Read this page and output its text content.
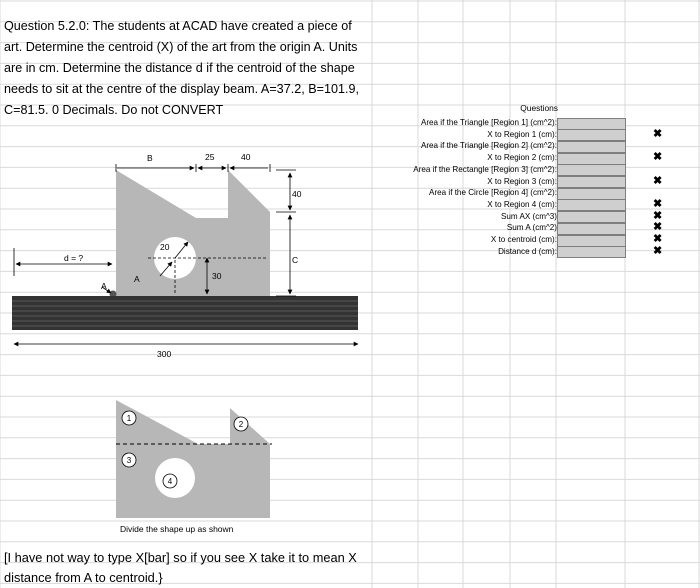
Question 5.2.0: The students at ACAD have created a piece of art. Determine the centroid (X) of the art from the origin A. Units are in cm. Determine the distance d if the centroid of the shape needs to sit at the centre of the display beam. A=37.2, B=101.9, C=81.5. 0 Decimals. Do not CONVERT
B	25	40
40
20
d = ?	C
A
A
30
300
1
2
3
4
Divide the shape up as shown
[I have not way to type X[bar] so if you see X take it to mean X distance from A to centroid.}
Questions
Area if the Triangle [Region 1] (cm^2):
X to Region 1 (cm):	✖
Area if the Triangle [Region 2] (cm^2):
X to Region 2 (cm):	✖
Area if the Rectangle [Region 3] (cm^2):
X to Region 3 (cm):	✖
Area if the Circle [Region 4] (cm^2):
X to Region 4 (cm):	✖
Sum AX (cm^3)	✖
Sum A (cm^2)	✖
X to centroid (cm):	✖
Distance d (cm):	✖
